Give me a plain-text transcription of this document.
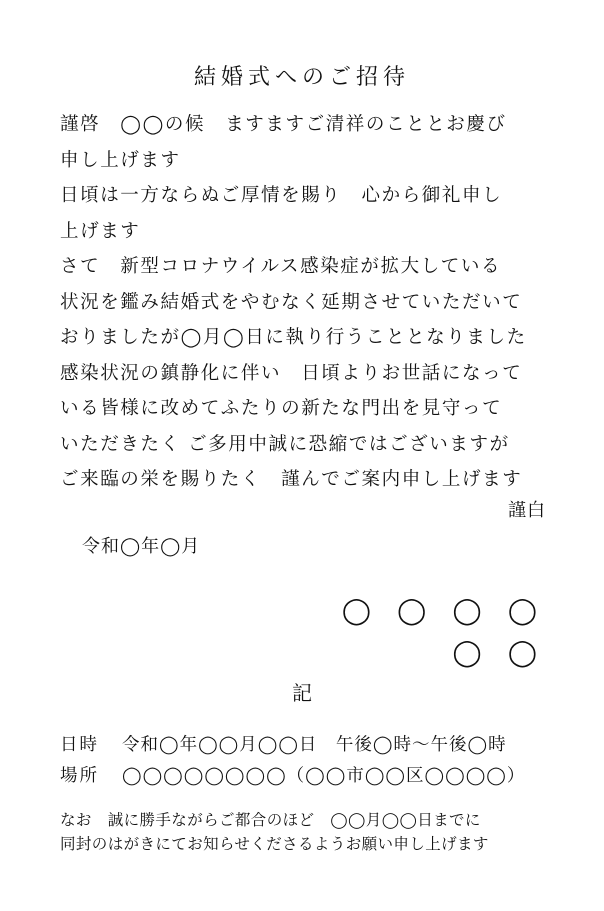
結婚式へのご招待
謹啓　◯◯の候　ますますご清祥のこととお慶び
申し上げます
日頃は一方ならぬご厚情を賜り　心から御礼申し
上げます
さて　新型コロナウイルス感染症が拡大している
状況を鑑み結婚式をやむなく延期させていただいて
おりましたが◯月◯日に執り行うこととなりました
感染状況の鎮静化に伴い　日頃よりお世話になって
いる皆様に改めてふたりの新たな門出を見守って
いただきたく ご多用中誠に恐縮ではございますが
ご来臨の栄を賜りたく　謹んでご案内申し上げます
謹白
令和◯年◯月
◯ ◯ ◯ ◯
◯ ◯
記
日時 令和◯年◯◯月◯◯日　午後◯時～午後◯時
場所 ◯◯◯◯◯◯◯◯（◯◯市◯◯区◯◯◯◯）
なお　誠に勝手ながらご都合のほど　◯◯月◯◯日までに
同封のはがきにてお知らせくださるようお願い申し上げます
